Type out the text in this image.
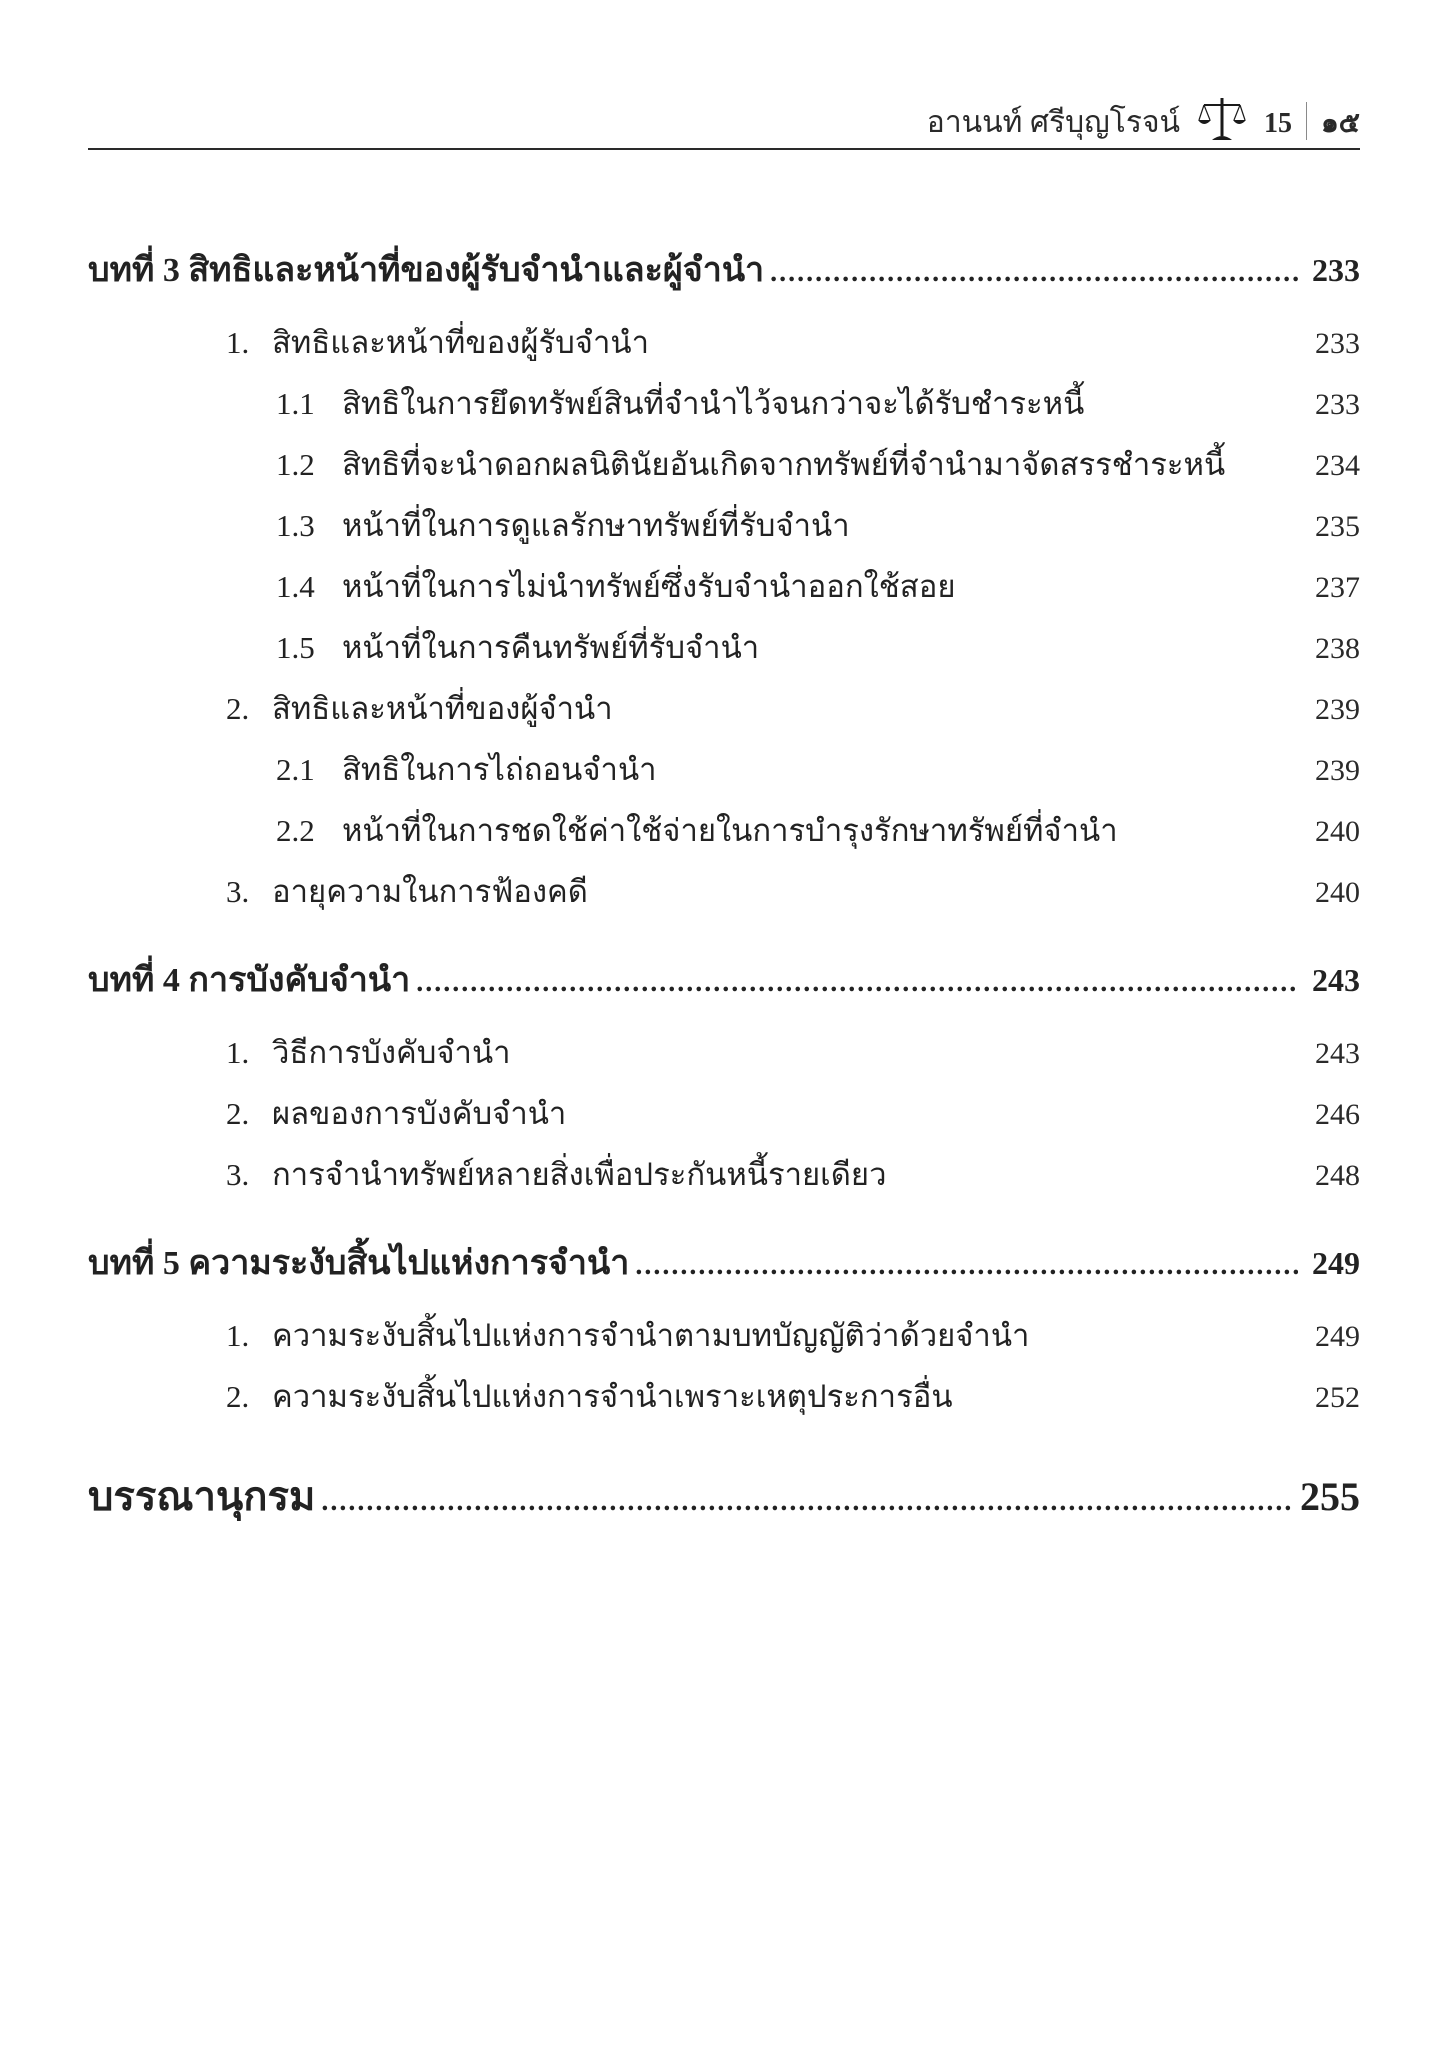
อานนท์ ศรีบุญโรจน์	15 ๑๕
บทที่ 3 สิทธิและหน้าที่ของผู้รับจำนำและผู้จำนำ .....	233
1. สิทธิและหน้าที่ของผู้รับจำนำ	233
1.1 สิทธิในการยึดทรัพย์สินที่จำนำไว้จนกว่าจะได้รับชำระหนี้	233
1.2 สิทธิที่จะนำดอกผลนิตินัยอันเกิดจากทรัพย์ที่จำนำมาจัดสรรชำระหนี้	234
1.3 หน้าที่ในการดูแลรักษาทรัพย์ที่รับจำนำ	235
1.4 หน้าที่ในการไม่นำทรัพย์ซึ่งรับจำนำออกใช้สอย	237
1.5 หน้าที่ในการคืนทรัพย์ที่รับจำนำ	238
2. สิทธิและหน้าที่ของผู้จำนำ	239
2.1 สิทธิในการไถ่ถอนจำนำ	239
2.2 หน้าที่ในการชดใช้ค่าใช้จ่ายในการบำรุงรักษาทรัพย์ที่จำนำ	240
3. อายุความในการฟ้องคดี	240
บทที่ 4 การบังคับจำนำ .....	243
1. วิธีการบังคับจำนำ	243
2. ผลของการบังคับจำนำ	246
3. การจำนำทรัพย์หลายสิ่งเพื่อประกันหนี้รายเดียว	248
บทที่ 5 ความระงับสิ้นไปแห่งการจำนำ .....	249
1. ความระงับสิ้นไปแห่งการจำนำตามบทบัญญัติว่าด้วยจำนำ	249
2. ความระงับสิ้นไปแห่งการจำนำเพราะเหตุประการอื่น	252
บรรณานุกรม .....	255
